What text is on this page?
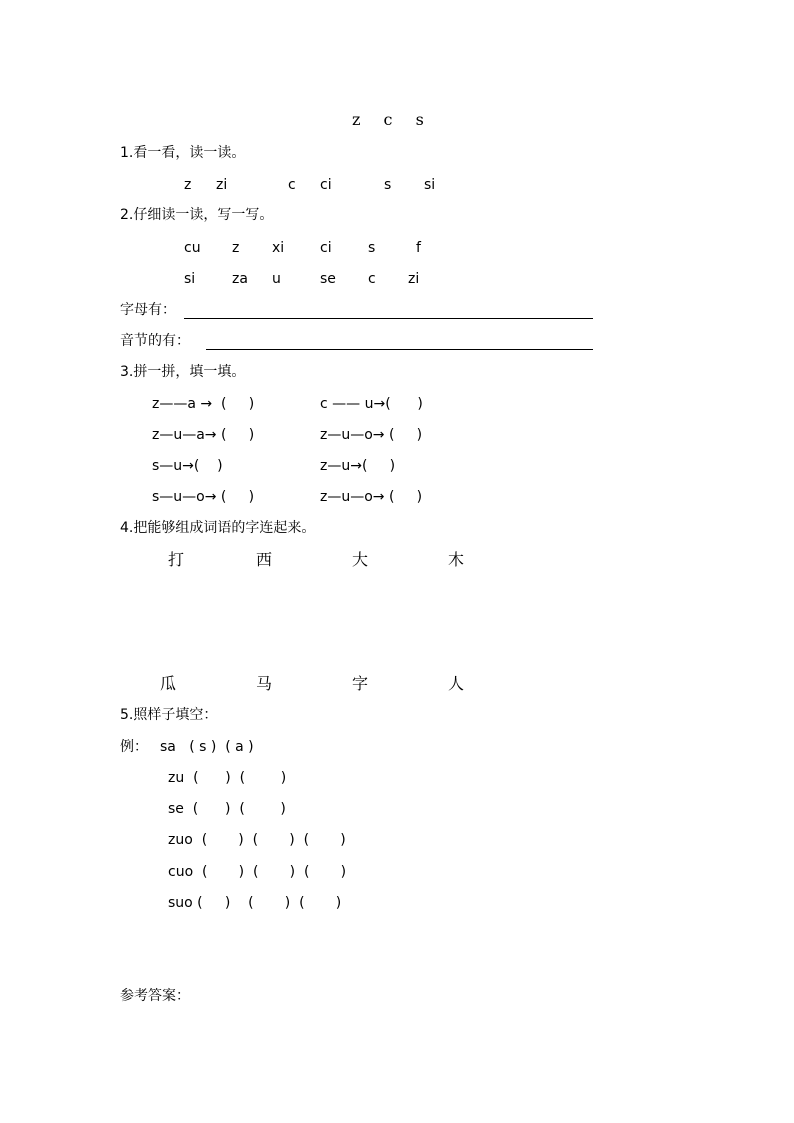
z c s
1.看一看，读一读。
z zi	c ci	s si
2.仔细读一读，写一写。
cu z xi	ci	s	f
si	za u	se c zi
字母有：
音节的有：
3.拼一拼，填一填。
z——a →  (     )	c —— u→(      )
z—u—a→ (     )	z—u—o→ (     )
s—u→(    )	z—u→(     )
s—u—o→ (     )	z—u—o→ (     )
4.把能够组成词语的字连起来。
打	西	大	木
瓜	马	字	人
5.照样子填空：
例： sa   ( s )  ( a )
zu  (      )  (        )
se  (      )  (        )
zuo  (       )  (       )  (       )
cuo  (       )  (       )  (       )
suo (     )    (       )  (       )
参考答案：
